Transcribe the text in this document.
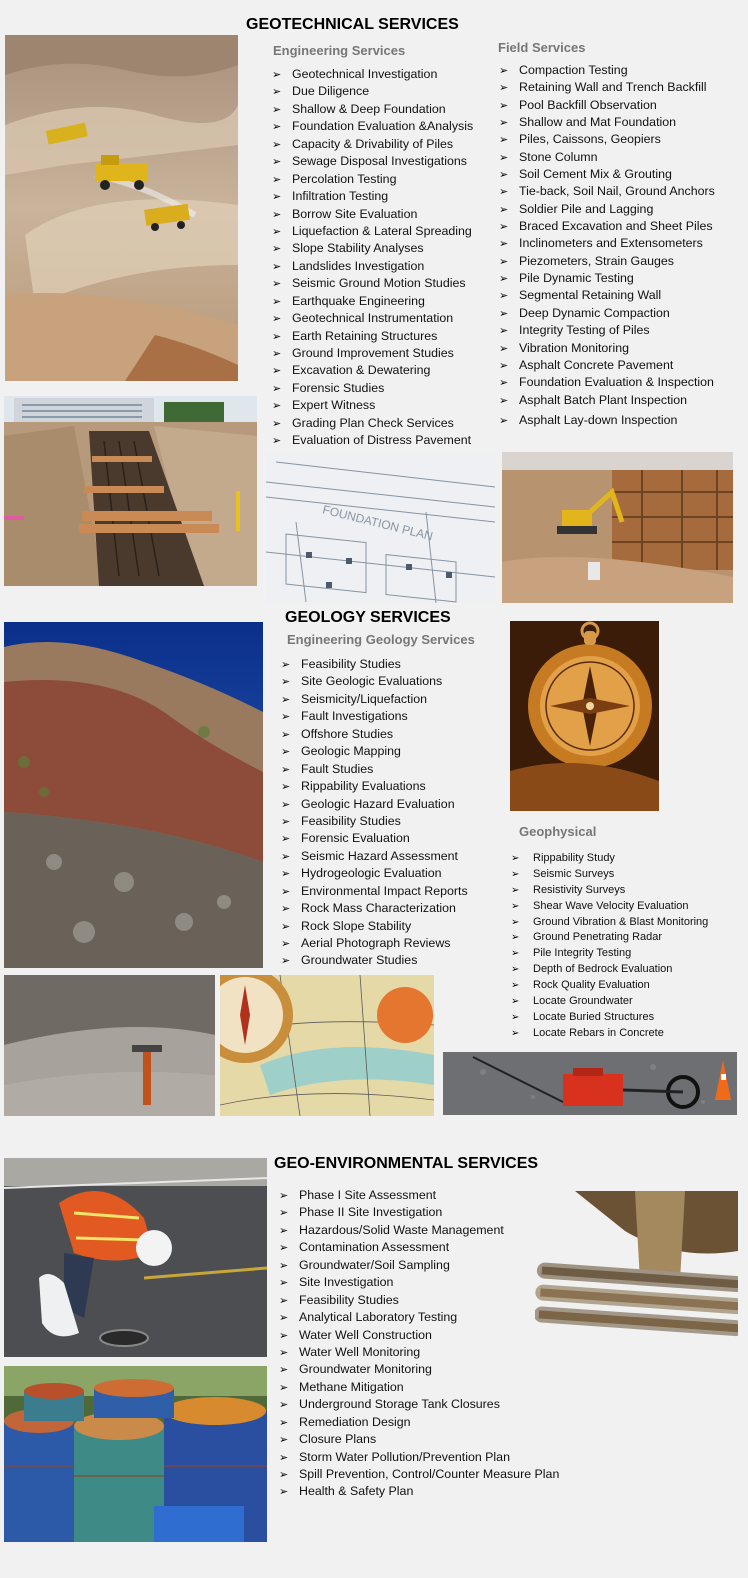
GEOTECHNICAL SERVICES
Engineering Services
➢ Geotechnical Investigation
➢ Due Diligence
➢ Shallow & Deep Foundation
➢ Foundation Evaluation &Analysis
➢ Capacity & Drivability of Piles
➢ Sewage Disposal Investigations
➢ Percolation Testing
➢ Infiltration Testing
➢ Borrow Site Evaluation
➢ Liquefaction & Lateral Spreading
➢ Slope Stability Analyses
➢ Landslides Investigation
➢ Seismic Ground Motion Studies
➢ Earthquake Engineering
➢ Geotechnical Instrumentation
➢ Earth Retaining Structures
➢ Ground Improvement Studies
➢ Excavation & Dewatering
➢ Forensic Studies
➢ Expert Witness
➢ Grading Plan Check Services
➢ Evaluation of Distress Pavement
Field Services
➢ Compaction Testing
➢ Retaining Wall and Trench Backfill
➢ Pool Backfill Observation
➢ Shallow and Mat Foundation
➢ Piles, Caissons, Geopiers
➢ Stone Column
➢ Soil Cement Mix & Grouting
➢ Tie-back, Soil Nail, Ground Anchors
➢ Soldier Pile and Lagging
➢ Braced Excavation and Sheet Piles
➢ Inclinometers and Extensometers
➢ Piezometers, Strain Gauges
➢ Pile Dynamic Testing
➢ Segmental Retaining Wall
➢ Deep Dynamic Compaction
➢ Integrity Testing of Piles
➢ Vibration Monitoring
➢ Asphalt Concrete Pavement
➢ Foundation Evaluation & Inspection
➢ Asphalt Batch Plant Inspection
➢ Asphalt Lay-down Inspection
FOUNDATION PLAN
GEOLOGY SERVICES
Engineering Geology Services
➢ Feasibility Studies
➢ Site Geologic Evaluations
➢ Seismicity/Liquefaction
➢ Fault Investigations
➢ Offshore Studies
➢ Geologic Mapping
➢ Fault Studies
➢ Rippability Evaluations
➢ Geologic Hazard Evaluation
➢ Feasibility Studies
➢ Forensic Evaluation
➢ Seismic Hazard Assessment
➢ Hydrogeologic Evaluation
➢ Environmental Impact Reports
➢ Rock Mass Characterization
➢ Rock Slope Stability
➢ Aerial Photograph Reviews
➢ Groundwater Studies
Geophysical
➢ Rippability Study
➢ Seismic Surveys
➢ Resistivity Surveys
➢ Shear Wave Velocity Evaluation
➢ Ground Vibration & Blast Monitoring
➢ Ground Penetrating Radar
➢ Pile Integrity Testing
➢ Depth of Bedrock Evaluation
➢ Rock Quality Evaluation
➢ Locate Groundwater
➢ Locate Buried Structures
➢ Locate Rebars in Concrete
GEO-ENVIRONMENTAL SERVICES
➢ Phase I Site Assessment
➢ Phase II Site Investigation
➢ Hazardous/Solid Waste Management
➢ Contamination Assessment
➢ Groundwater/Soil Sampling
➢ Site Investigation
➢ Feasibility Studies
➢ Analytical Laboratory Testing
➢ Water Well Construction
➢ Water Well Monitoring
➢ Groundwater Monitoring
➢ Methane Mitigation
➢ Underground Storage Tank Closures
➢ Remediation Design
➢ Closure Plans
➢ Storm Water Pollution/Prevention Plan
➢ Spill Prevention, Control/Counter Measure Plan
➢ Health & Safety Plan
